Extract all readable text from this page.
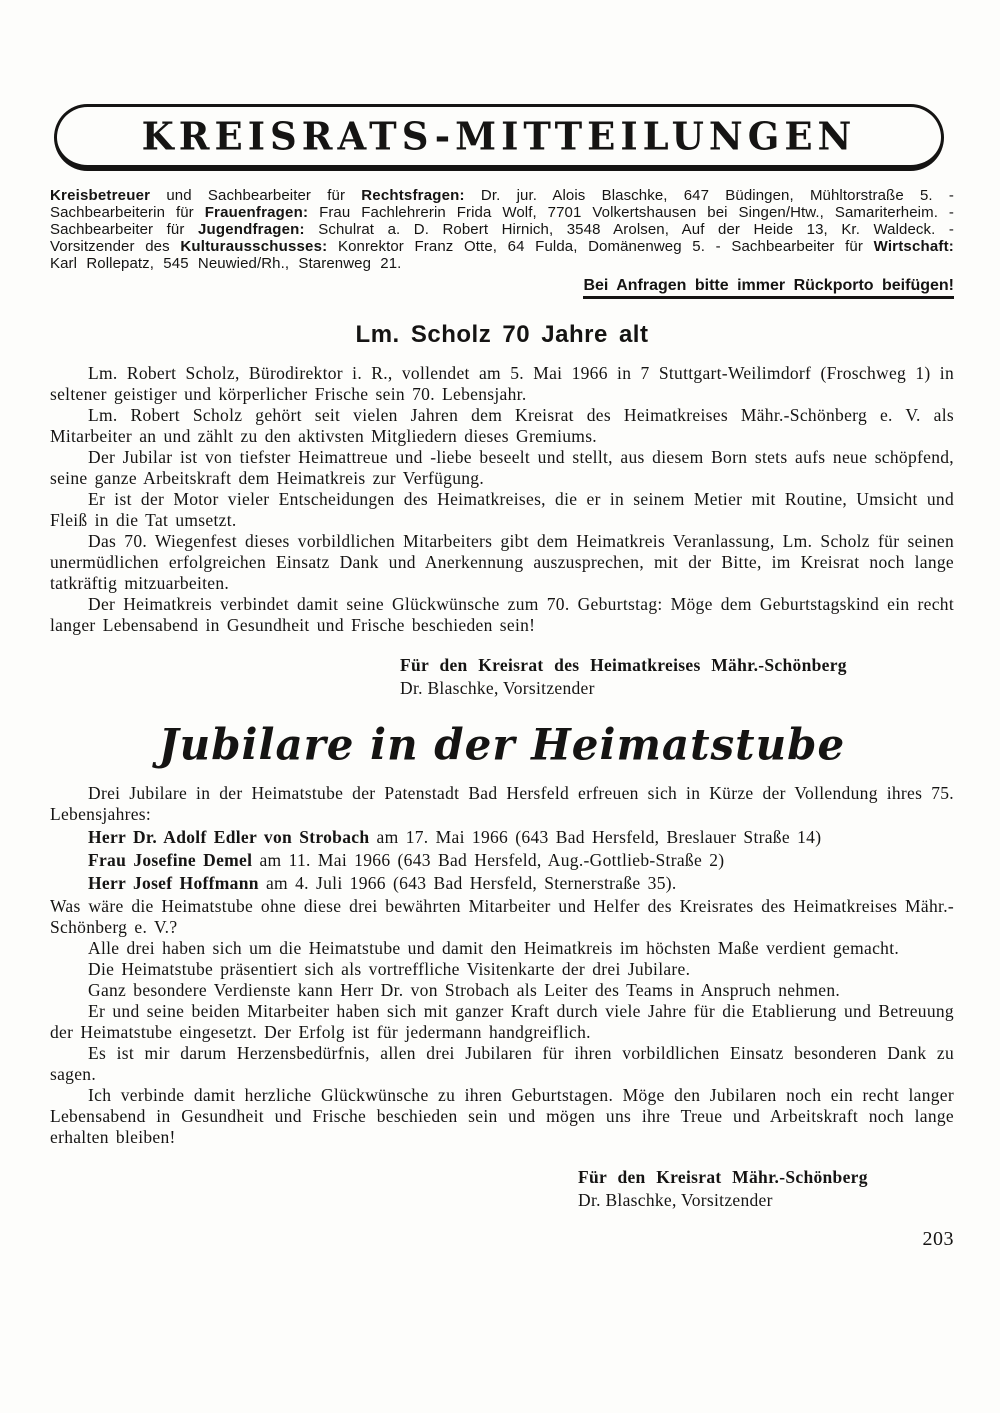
KREISRATS-MITTEILUNGEN

Kreisbetreuer und Sachbearbeiter für Rechtsfragen: Dr. jur. Alois Blaschke, 647 Büdingen, Mühltorstraße 5. - Sachbearbeiterin für Frauenfragen: Frau Fachlehrerin Frida Wolf, 7701 Volkertshausen bei Singen/Htw., Samariterheim. - Sachbearbeiter für Jugendfragen: Schulrat a. D. Robert Hirnich, 3548 Arolsen, Auf der Heide 13, Kr. Waldeck. - Vorsitzender des Kulturausschusses: Konrektor Franz Otte, 64 Fulda, Domänenweg 5. - Sachbearbeiter für Wirtschaft: Karl Rollepatz, 545 Neuwied/Rh., Starenweg 21.

Bei Anfragen bitte immer Rückporto beifügen!
Lm. Scholz 70 Jahre alt

Lm. Robert Scholz, Bürodirektor i. R., vollendet am 5. Mai 1966 in 7 Stuttgart-Weilimdorf (Froschweg 1) in seltener geistiger und körperlicher Frische sein 70. Lebensjahr.

Lm. Robert Scholz gehört seit vielen Jahren dem Kreisrat des Heimatkreises Mähr.-Schönberg e. V. als Mitarbeiter an und zählt zu den aktivsten Mitgliedern dieses Gremiums.

Der Jubilar ist von tiefster Heimattreue und -liebe beseelt und stellt, aus diesem Born stets aufs neue schöpfend, seine ganze Arbeitskraft dem Heimatkreis zur Verfügung.

Er ist der Motor vieler Entscheidungen des Heimatkreises, die er in seinem Metier mit Routine, Umsicht und Fleiß in die Tat umsetzt.

Das 70. Wiegenfest dieses vorbildlichen Mitarbeiters gibt dem Heimatkreis Veranlassung, Lm. Scholz für seinen unermüdlichen erfolgreichen Einsatz Dank und Anerkennung auszusprechen, mit der Bitte, im Kreisrat noch lange tatkräftig mitzuarbeiten.

Der Heimatkreis verbindet damit seine Glückwünsche zum 70. Geburtstag: Möge dem Geburtstagskind ein recht langer Lebensabend in Gesundheit und Frische beschieden sein!

Für den Kreisrat des Heimatkreises Mähr.-Schönberg
Dr. Blaschke, Vorsitzender
Jubilare in der Heimatstube

Drei Jubilare in der Heimatstube der Patenstadt Bad Hersfeld erfreuen sich in Kürze der Vollendung ihres 75. Lebensjahres:

Herr Dr. Adolf Edler von Strobach am 17. Mai 1966 (643 Bad Hersfeld, Breslauer Straße 14)

Frau Josefine Demel am 11. Mai 1966 (643 Bad Hersfeld, Aug.-Gottlieb-Straße 2)

Herr Josef Hoffmann am 4. Juli 1966 (643 Bad Hersfeld, Sternerstraße 35).

Was wäre die Heimatstube ohne diese drei bewährten Mitarbeiter und Helfer des Kreisrates des Heimatkreises Mähr.-Schönberg e. V.?

Alle drei haben sich um die Heimatstube und damit den Heimatkreis im höchsten Maße verdient gemacht.

Die Heimatstube präsentiert sich als vortreffliche Visitenkarte der drei Jubilare.

Ganz besondere Verdienste kann Herr Dr. von Strobach als Leiter des Teams in Anspruch nehmen.

Er und seine beiden Mitarbeiter haben sich mit ganzer Kraft durch viele Jahre für die Etablierung und Betreuung der Heimatstube eingesetzt. Der Erfolg ist für jedermann handgreiflich.

Es ist mir darum Herzensbedürfnis, allen drei Jubilaren für ihren vorbildlichen Einsatz besonderen Dank zu sagen.

Ich verbinde damit herzliche Glückwünsche zu ihren Geburtstagen. Möge den Jubilaren noch ein recht langer Lebensabend in Gesundheit und Frische beschieden sein und mögen uns ihre Treue und Arbeitskraft noch lange erhalten bleiben!

Für den Kreisrat Mähr.-Schönberg
Dr. Blaschke, Vorsitzender
203
